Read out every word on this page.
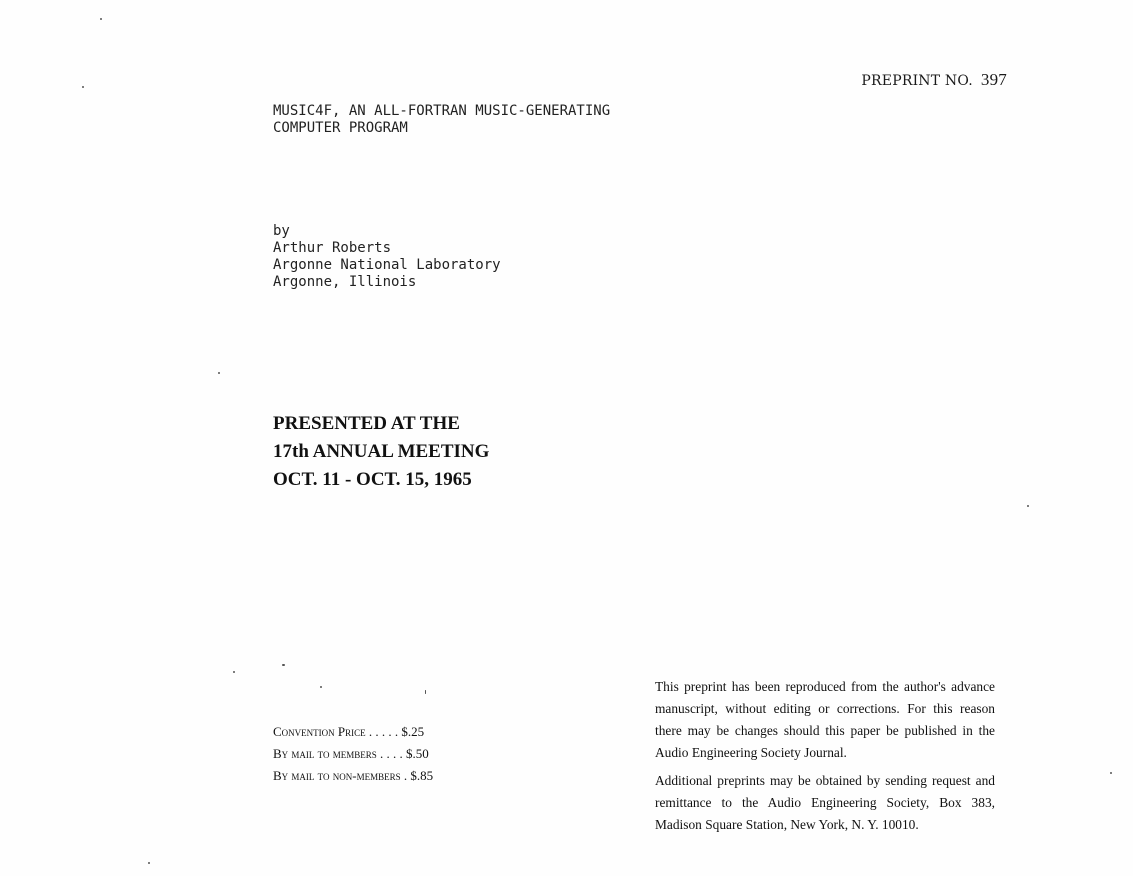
PREPRINT NO. 397
MUSIC4F, AN ALL-FORTRAN MUSIC-GENERATING
COMPUTER PROGRAM
by
Arthur Roberts
Argonne National Laboratory
Argonne, Illinois
PRESENTED AT THE
17th ANNUAL MEETING
OCT. 11 - OCT. 15, 1965
Convention Price . . . . . $.25
By mail to members . . . . $.50
By mail to non-members . $.85

This preprint has been reproduced from the author's advance manuscript, without editing or corrections. For this reason there may be changes should this paper be published in the Audio Engineering Society Journal.

Additional preprints may be obtained by sending request and remittance to the Audio Engineering Society, Box 383, Madison Square Station, New York, N. Y. 10010.
